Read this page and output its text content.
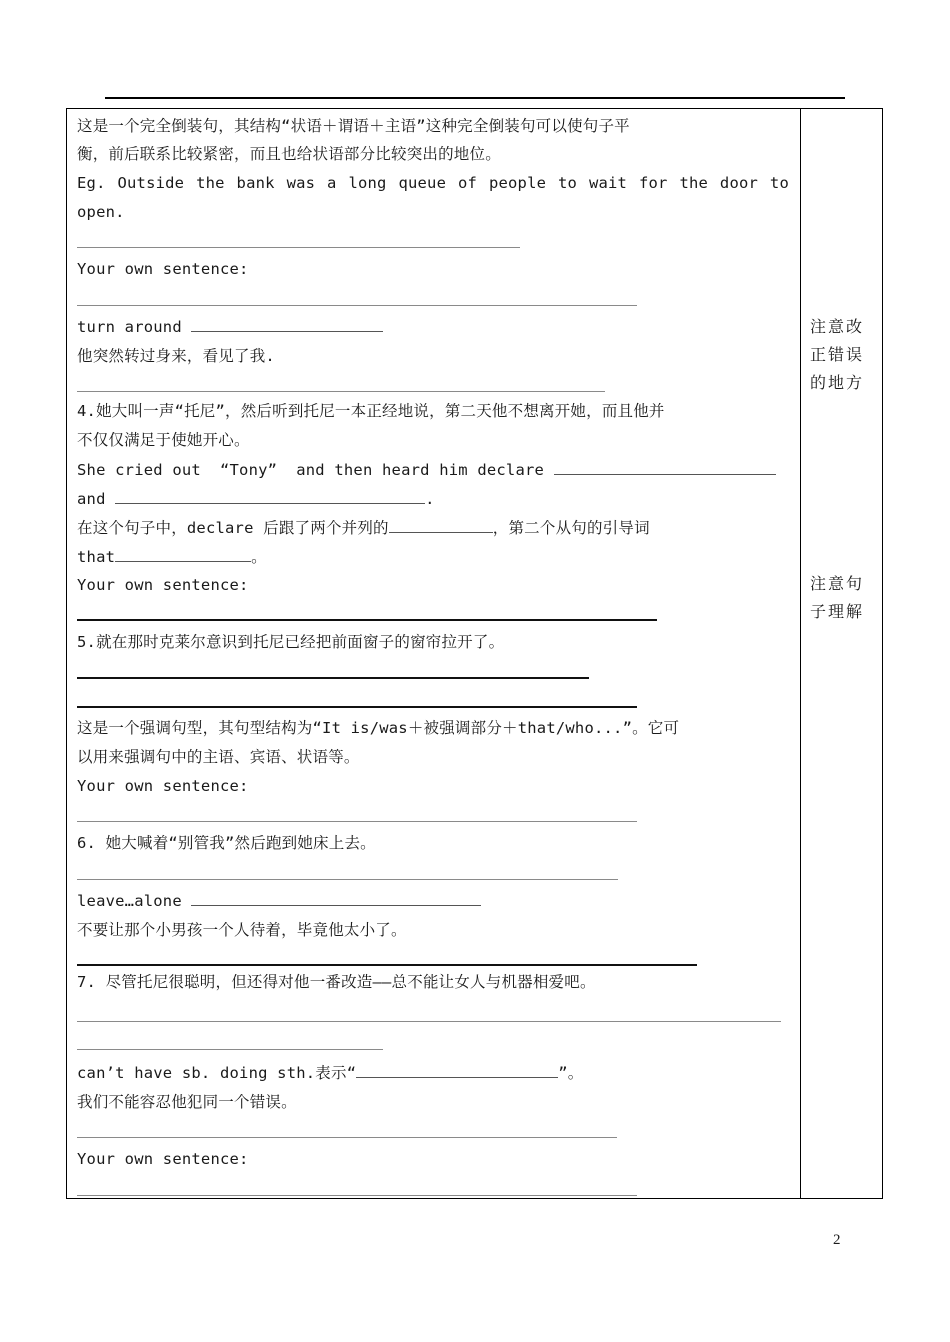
这是一个完全倒装句，其结构“状语＋谓语＋主语”这种完全倒装句可以使句子平
衡，前后联系比较紧密，而且也给状语部分比较突出的地位。
Eg. Outside the bank was a long queue of people to wait for the door to
open.
Your own sentence:
turn around
他突然转过身来，看见了我.
4.她大叫一声“托尼”，然后听到托尼一本正经地说，第二天他不想离开她，而且他并
不仅仅满足于使她开心。
She cried out  “Tony”  and then heard him declare
and	.
在这个句子中，declare 后跟了两个并列的	，第二个从句的引导词
that	。
Your own sentence:
5.就在那时克莱尔意识到托尼已经把前面窗子的窗帘拉开了。
这是一个强调句型，其句型结构为“It is/was＋被强调部分＋that/who...”。它可
以用来强调句中的主语、宾语、状语等。
Your own sentence:
6. 她大喊着“别管我”然后跑到她床上去。
leave…alone
不要让那个小男孩一个人待着，毕竟他太小了。
7. 尽管托尼很聪明，但还得对他一番改造——总不能让女人与机器相爱吧。
can’t have sb. doing sth.表示“	”。
我们不能容忍他犯同一个错误。
Your own sentence:
注意改
正错误
的地方
注意句
子理解
2
